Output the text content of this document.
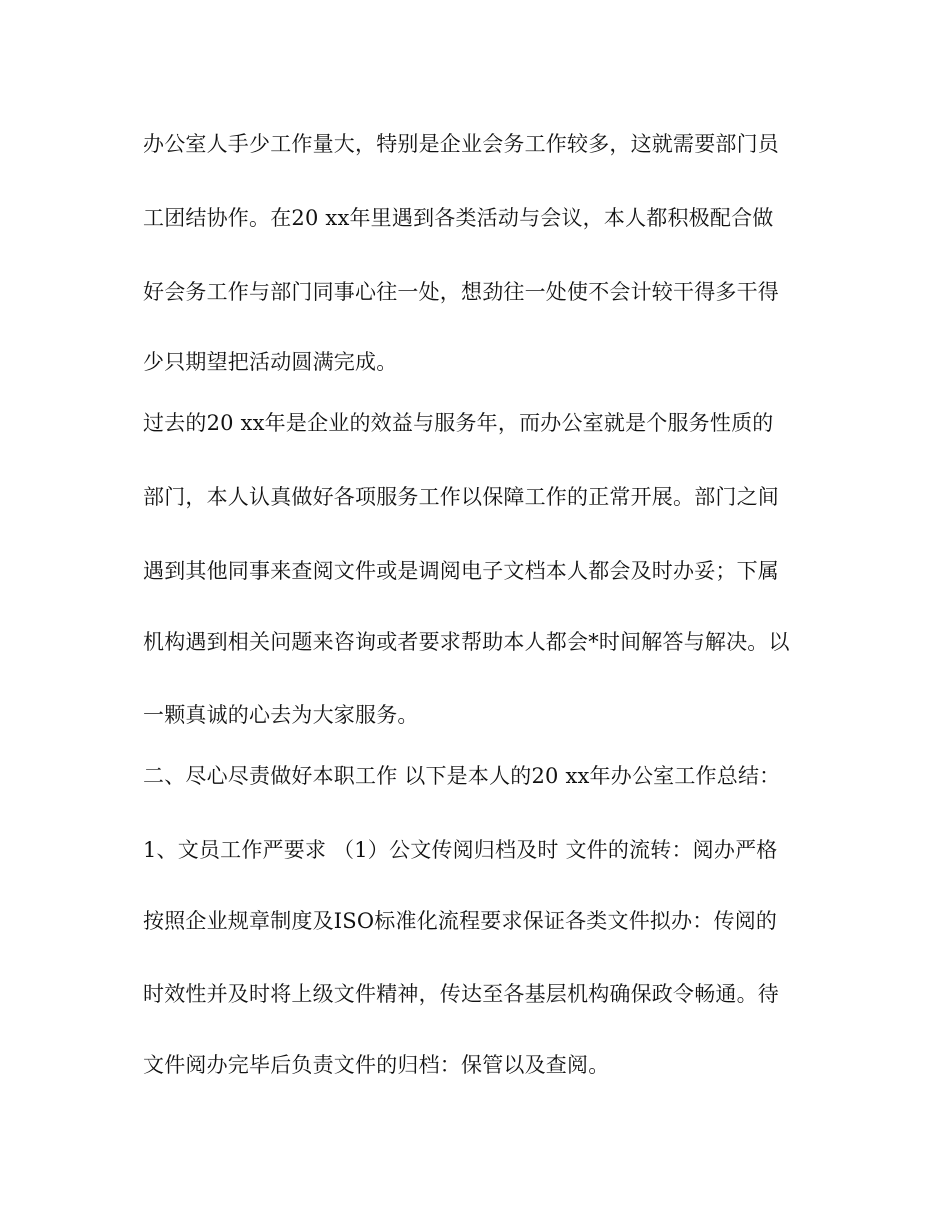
办公室人手少工作量大，特别是企业会务工作较多，这就需要部门员
工团结协作。在20 xx年里遇到各类活动与会议，本人都积极配合做
好会务工作与部门同事心往一处，想劲往一处使不会计较干得多干得
少只期望把活动圆满完成。
过去的20 xx年是企业的效益与服务年，而办公室就是个服务性质的
部门，本人认真做好各项服务工作以保障工作的正常开展。部门之间
遇到其他同事来查阅文件或是调阅电子文档本人都会及时办妥；下属
机构遇到相关问题来咨询或者要求帮助本人都会*时间解答与解决。以
一颗真诚的心去为大家服务。
二、尽心尽责做好本职工作 以下是本人的20 xx年办公室工作总结：
1、文员工作严要求 （1）公文传阅归档及时 文件的流转：阅办严格
按照企业规章制度及ISO标准化流程要求保证各类文件拟办：传阅的
时效性并及时将上级文件精神，传达至各基层机构确保政令畅通。待
文件阅办完毕后负责文件的归档：保管以及查阅。
